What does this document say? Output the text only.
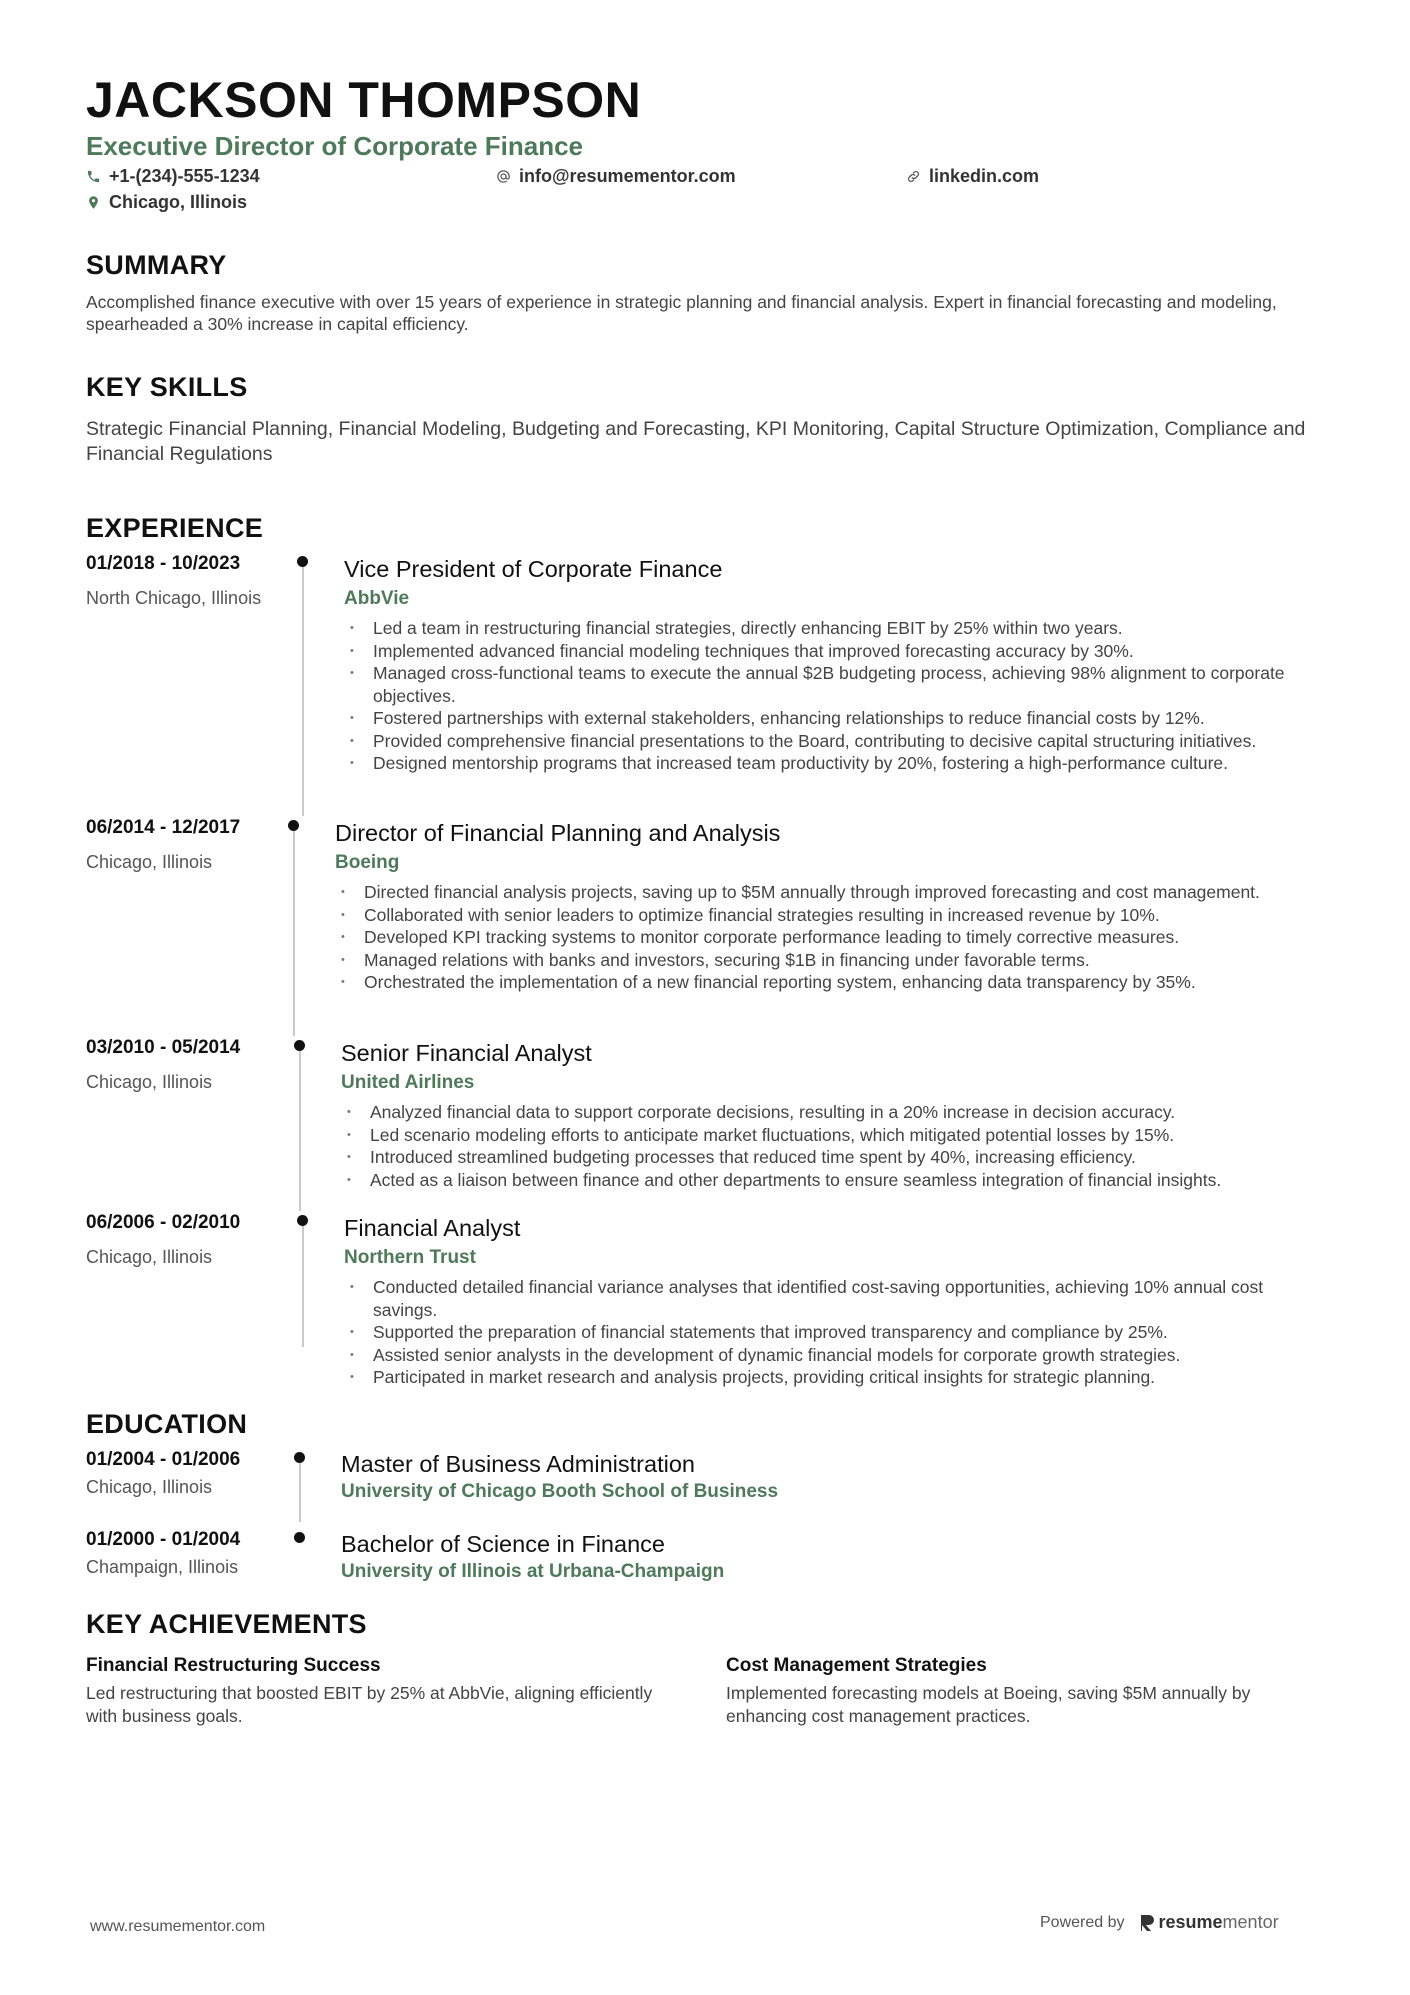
JACKSON THOMPSON
Executive Director of Corporate Finance
+1-(234)-555-1234	info@resumementor.com	linkedin.com
Chicago, Illinois
SUMMARY
Accomplished finance executive with over 15 years of experience in strategic planning and financial analysis. Expert in financial forecasting and modeling, spearheaded a 30% increase in capital efficiency.
KEY SKILLS
Strategic Financial Planning, Financial Modeling, Budgeting and Forecasting, KPI Monitoring, Capital Structure Optimization, Compliance and Financial Regulations
EXPERIENCE
01/2018 - 10/2023
North Chicago, Illinois
Vice President of Corporate Finance
AbbVie
• Led a team in restructuring financial strategies, directly enhancing EBIT by 25% within two years.
• Implemented advanced financial modeling techniques that improved forecasting accuracy by 30%.
• Managed cross-functional teams to execute the annual $2B budgeting process, achieving 98% alignment to corporate objectives.
• Fostered partnerships with external stakeholders, enhancing relationships to reduce financial costs by 12%.
• Provided comprehensive financial presentations to the Board, contributing to decisive capital structuring initiatives.
• Designed mentorship programs that increased team productivity by 20%, fostering a high-performance culture.
06/2014 - 12/2017
Chicago, Illinois
Director of Financial Planning and Analysis
Boeing
• Directed financial analysis projects, saving up to $5M annually through improved forecasting and cost management.
• Collaborated with senior leaders to optimize financial strategies resulting in increased revenue by 10%.
• Developed KPI tracking systems to monitor corporate performance leading to timely corrective measures.
• Managed relations with banks and investors, securing $1B in financing under favorable terms.
• Orchestrated the implementation of a new financial reporting system, enhancing data transparency by 35%.
03/2010 - 05/2014
Chicago, Illinois
Senior Financial Analyst
United Airlines
• Analyzed financial data to support corporate decisions, resulting in a 20% increase in decision accuracy.
• Led scenario modeling efforts to anticipate market fluctuations, which mitigated potential losses by 15%.
• Introduced streamlined budgeting processes that reduced time spent by 40%, increasing efficiency.
• Acted as a liaison between finance and other departments to ensure seamless integration of financial insights.
06/2006 - 02/2010
Chicago, Illinois
Financial Analyst
Northern Trust
• Conducted detailed financial variance analyses that identified cost-saving opportunities, achieving 10% annual cost savings.
• Supported the preparation of financial statements that improved transparency and compliance by 25%.
• Assisted senior analysts in the development of dynamic financial models for corporate growth strategies.
• Participated in market research and analysis projects, providing critical insights for strategic planning.
EDUCATION
01/2004 - 01/2006
Chicago, Illinois
Master of Business Administration
University of Chicago Booth School of Business
01/2000 - 01/2004
Champaign, Illinois
Bachelor of Science in Finance
University of Illinois at Urbana-Champaign
KEY ACHIEVEMENTS
Financial Restructuring Success
Led restructuring that boosted EBIT by 25% at AbbVie, aligning efficiently with business goals.
Cost Management Strategies
Implemented forecasting models at Boeing, saving $5M annually by enhancing cost management practices.
www.resumementor.com	Powered by resumementor
